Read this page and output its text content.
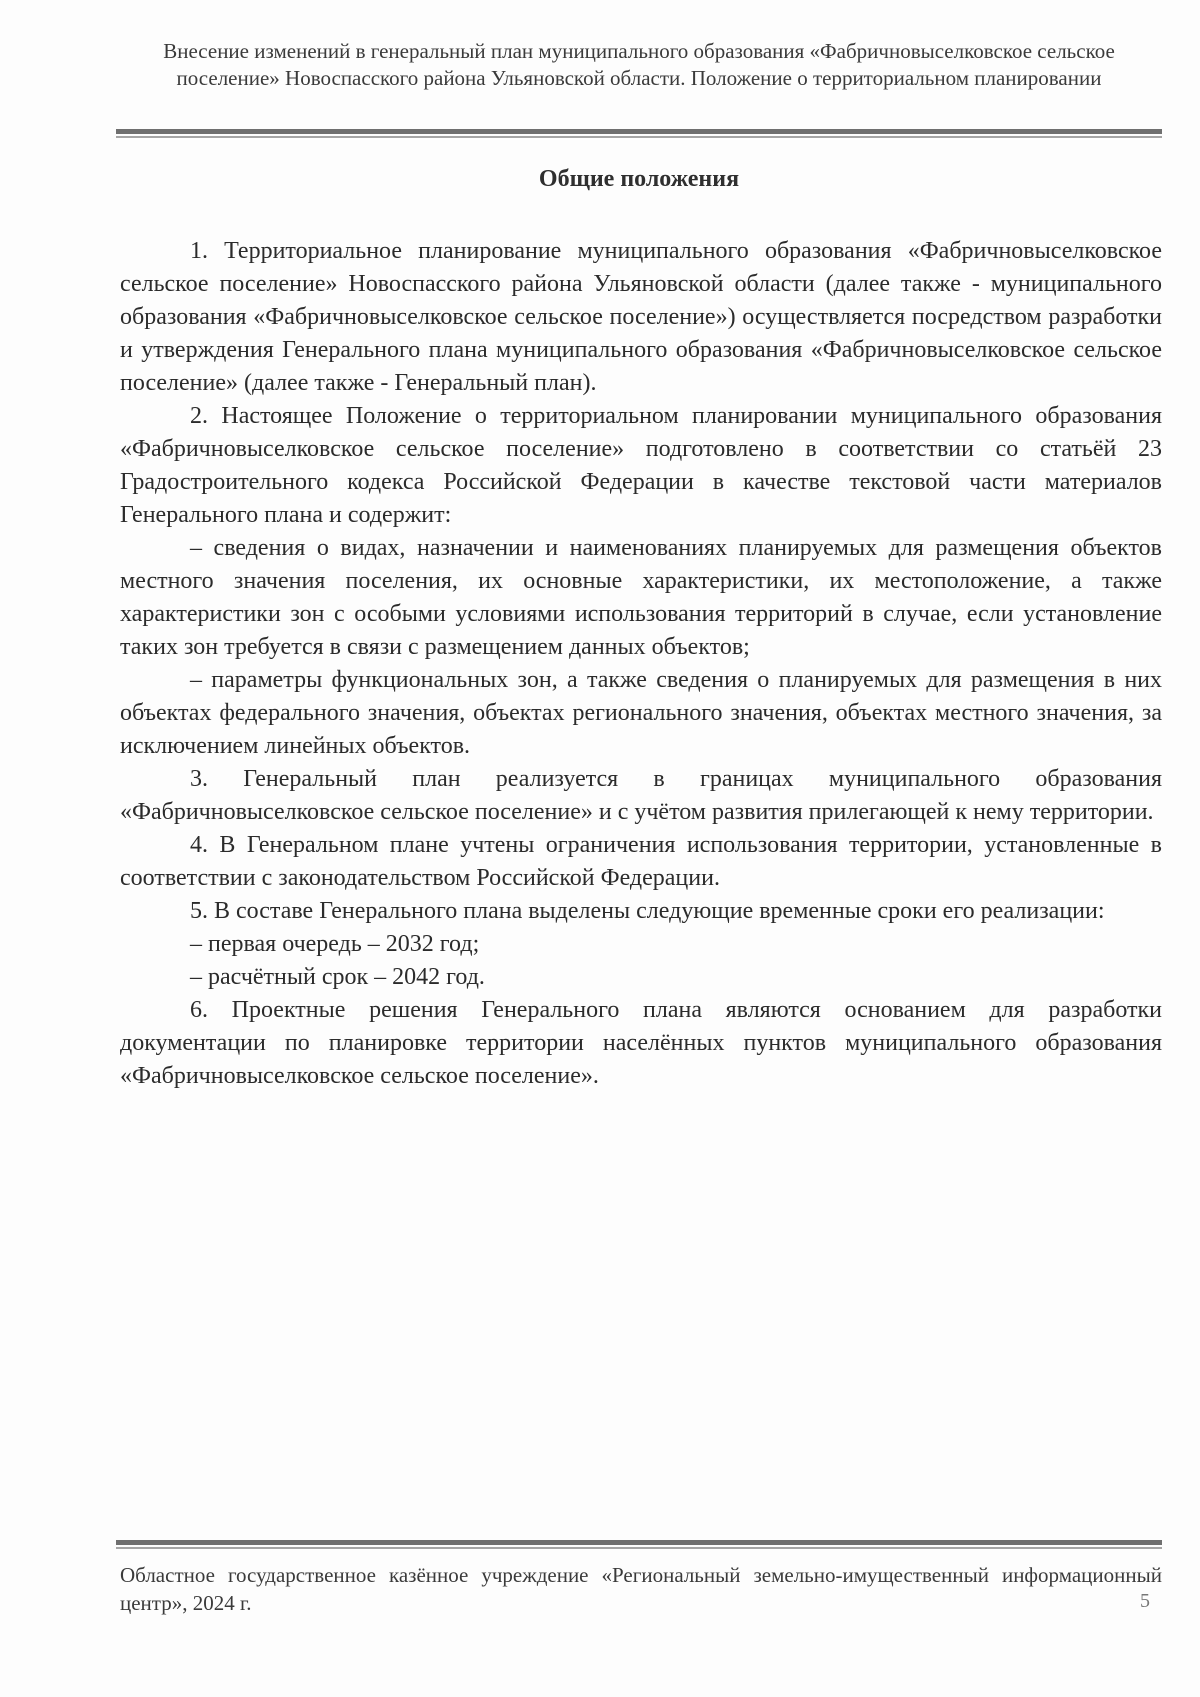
Внесение изменений в генеральный план муниципального образования «Фабричновыселковское сельское поселение» Новоспасского района Ульяновской области. Положение о территориальном планировании
Общие положения

1. Территориальное планирование муниципального образования «Фабричновыселковское сельское поселение» Новоспасского района Ульяновской области (далее также - муниципального образования «Фабричновыселковское сельское поселение») осуществляется посредством разработки и утверждения Генерального плана муниципального образования «Фабричновыселковское сельское поселение» (далее также - Генеральный план).

2. Настоящее Положение о территориальном планировании муниципального образования «Фабричновыселковское сельское поселение» подготовлено в соответствии со статьёй 23 Градостроительного кодекса Российской Федерации в качестве текстовой части материалов Генерального плана и содержит:

– сведения о видах, назначении и наименованиях планируемых для размещения объектов местного значения поселения, их основные характеристики, их местоположение, а также характеристики зон с особыми условиями использования территорий в случае, если установление таких зон требуется в связи с размещением данных объектов;

– параметры функциональных зон, а также сведения о планируемых для размещения в них объектах федерального значения, объектах регионального значения, объектах местного значения, за исключением линейных объектов.

3. Генеральный план реализуется в границах муниципального образования «Фабричновыселковское сельское поселение» и с учётом развития прилегающей к нему территории.

4. В Генеральном плане учтены ограничения использования территории, установленные в соответствии с законодательством Российской Федерации.

5. В составе Генерального плана выделены следующие временные сроки его реализации:

– первая очередь – 2032 год;

– расчётный срок – 2042 год.

6. Проектные решения Генерального плана являются основанием для разработки документации по планировке территории населённых пунктов муниципального образования «Фабричновыселковское сельское поселение».

Областное государственное казённое учреждение «Региональный земельно-имущественный информационный центр», 2024 г.	5
